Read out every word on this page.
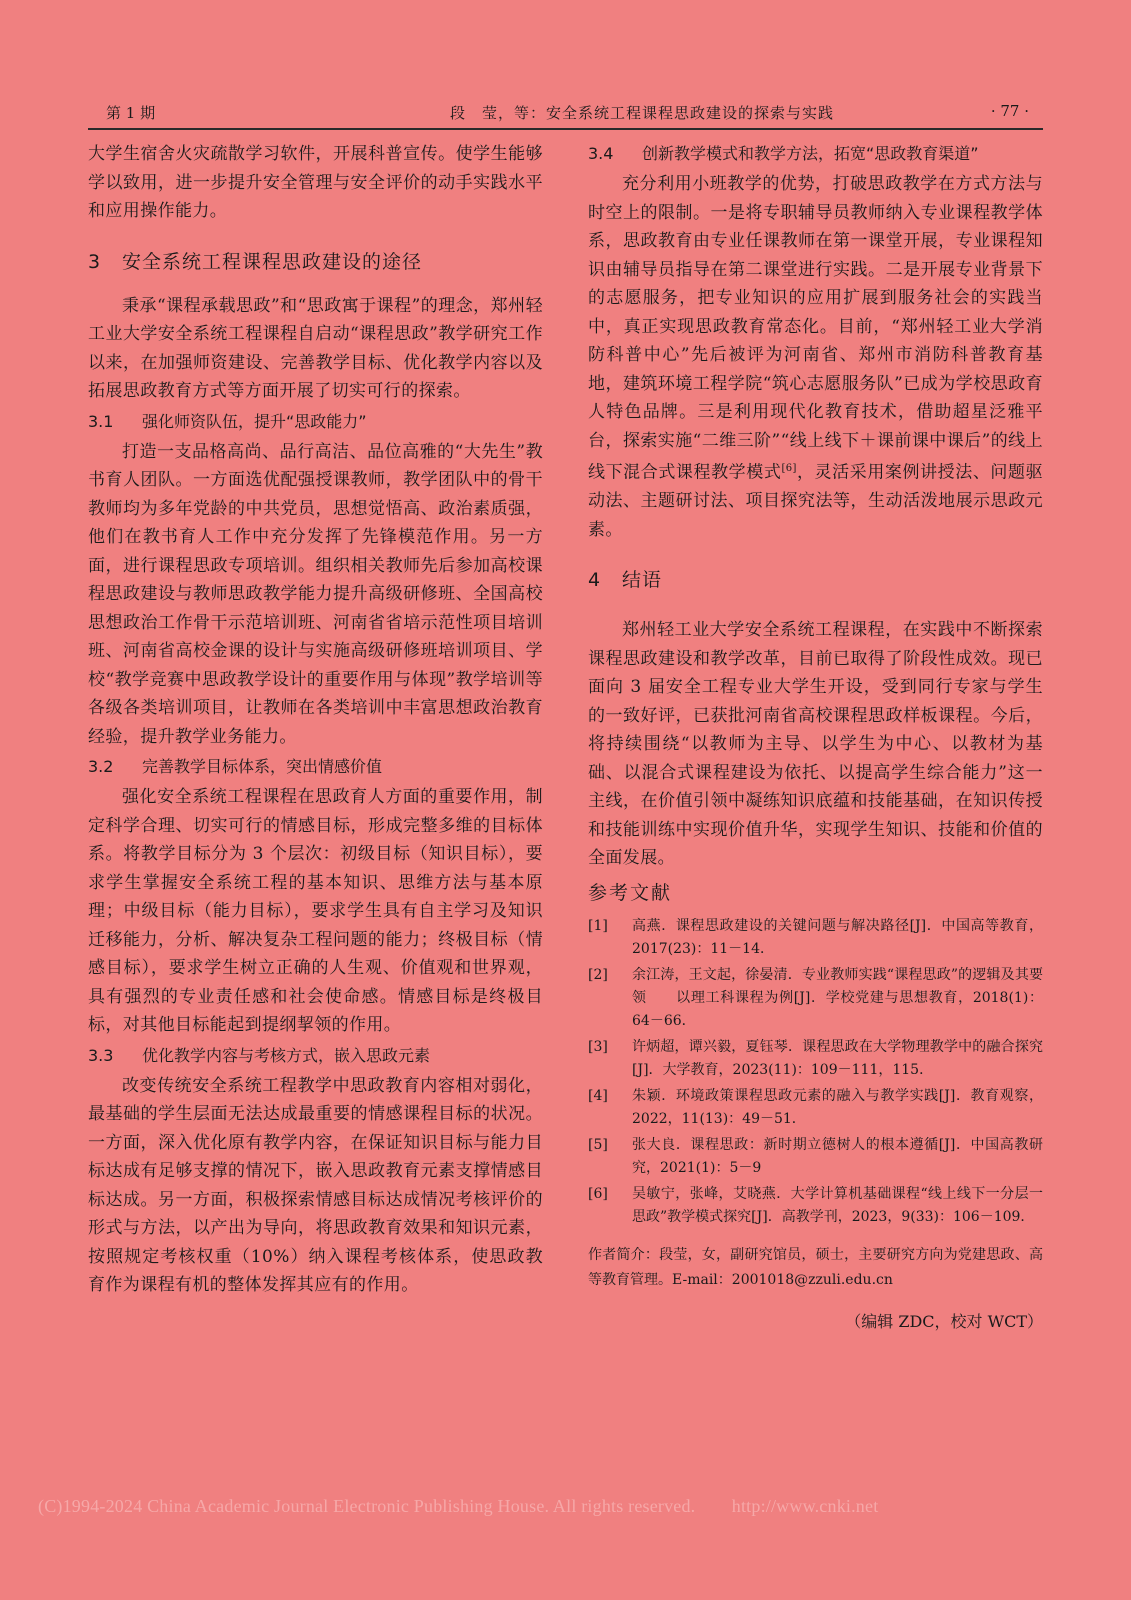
第 1 期	段　莹，等：安全系统工程课程思政建设的探索与实践	· 77 ·

大学生宿舍火灾疏散学习软件，开展科普宣传。使学生能够学以致用，进一步提升安全管理与安全评价的动手实践水平和应用操作能力。

3 安全系统工程课程思政建设的途径

秉承“课程承载思政”和“思政寓于课程”的理念，郑州轻工业大学安全系统工程课程自启动“课程思政”教学研究工作以来，在加强师资建设、完善教学目标、优化教学内容以及拓展思政教育方式等方面开展了切实可行的探索。

3.1 强化师资队伍，提升“思政能力”

打造一支品格高尚、品行高洁、品位高雅的“大先生”教书育人团队。一方面选优配强授课教师，教学团队中的骨干教师均为多年党龄的中共党员，思想觉悟高、政治素质强，他们在教书育人工作中充分发挥了先锋模范作用。另一方面，进行课程思政专项培训。组织相关教师先后参加高校课程思政建设与教师思政教学能力提升高级研修班、全国高校思想政治工作骨干示范培训班、河南省省培示范性项目培训班、河南省高校金课的设计与实施高级研修班培训项目、学校“教学竞赛中思政教学设计的重要作用与体现”教学培训等各级各类培训项目，让教师在各类培训中丰富思想政治教育经验，提升教学业务能力。

3.2 完善教学目标体系，突出情感价值

强化安全系统工程课程在思政育人方面的重要作用，制定科学合理、切实可行的情感目标，形成完整多维的目标体系。将教学目标分为 3 个层次：初级目标（知识目标），要求学生掌握安全系统工程的基本知识、思维方法与基本原理；中级目标（能力目标），要求学生具有自主学习及知识迁移能力，分析、解决复杂工程问题的能力；终极目标（情感目标），要求学生树立正确的人生观、价值观和世界观，具有强烈的专业责任感和社会使命感。情感目标是终极目标，对其他目标能起到提纲挈领的作用。

3.3 优化教学内容与考核方式，嵌入思政元素

改变传统安全系统工程教学中思政教育内容相对弱化，最基础的学生层面无法达成最重要的情感课程目标的状况。一方面，深入优化原有教学内容，在保证知识目标与能力目标达成有足够支撑的情况下，嵌入思政教育元素支撑情感目标达成。另一方面，积极探索情感目标达成情况考核评价的形式与方法，以产出为导向，将思政教育效果和知识元素，按照规定考核权重（10%）纳入课程考核体系，使思政教育作为课程有机的整体发挥其应有的作用。

3.4 创新教学模式和教学方法，拓宽“思政教育渠道”

充分利用小班教学的优势，打破思政教学在方式方法与时空上的限制。一是将专职辅导员教师纳入专业课程教学体系，思政教育由专业任课教师在第一课堂开展，专业课程知识由辅导员指导在第二课堂进行实践。二是开展专业背景下的志愿服务，把专业知识的应用扩展到服务社会的实践当中，真正实现思政教育常态化。目前，“郑州轻工业大学消防科普中心”先后被评为河南省、郑州市消防科普教育基地，建筑环境工程学院“筑心志愿服务队”已成为学校思政育人特色品牌。三是利用现代化教育技术，借助超星泛雅平台，探索实施“二维三阶”“线上线下＋课前课中课后”的线上线下混合式课程教学模式[6]，灵活采用案例讲授法、问题驱动法、主题研讨法、项目探究法等，生动活泼地展示思政元素。

4 结语

郑州轻工业大学安全系统工程课程，在实践中不断探索课程思政建设和教学改革，目前已取得了阶段性成效。现已面向 3 届安全工程专业大学生开设，受到同行专家与学生的一致好评，已获批河南省高校课程思政样板课程。今后，将持续围绕“以教师为主导、以学生为中心、以教材为基础、以混合式课程建设为依托、以提高学生综合能力”这一主线，在价值引领中凝练知识底蕴和技能基础，在知识传授和技能训练中实现价值升华，实现学生知识、技能和价值的全面发展。

参考文献
[1] 高燕．课程思政建设的关键问题与解决路径[J]．中国高等教育，2017(23)：11－14．
[2] 余江涛，王文起，徐晏清．专业教师实践“课程思政”的逻辑及其要领　　以理工科课程为例[J]．学校党建与思想教育，2018(1)：64－66．
[3] 许炳超，谭兴毅，夏钰琴．课程思政在大学物理教学中的融合探究[J]．大学教育，2023(11)：109－111，115．
[4] 朱颖．环境政策课程思政元素的融入与教学实践[J]．教育观察，2022，11(13)：49－51．
[5] 张大良．课程思政：新时期立德树人的根本遵循[J]．中国高教研究，2021(1)：5－9
[6] 吴敏宁，张峰，艾晓燕．大学计算机基础课程“线上线下一分层一思政”教学模式探究[J]．高教学刊，2023，9(33)：106－109．
作者简介：段莹，女，副研究馆员，硕士，主要研究方向为党建思政、高等教育管理。E-mail：2001018@zzuli.edu.cn
（编辑 ZDC，校对 WCT）
(C)1994-2024 China Academic Journal Electronic Publishing House. All rights reserved.　　http://www.cnki.net
